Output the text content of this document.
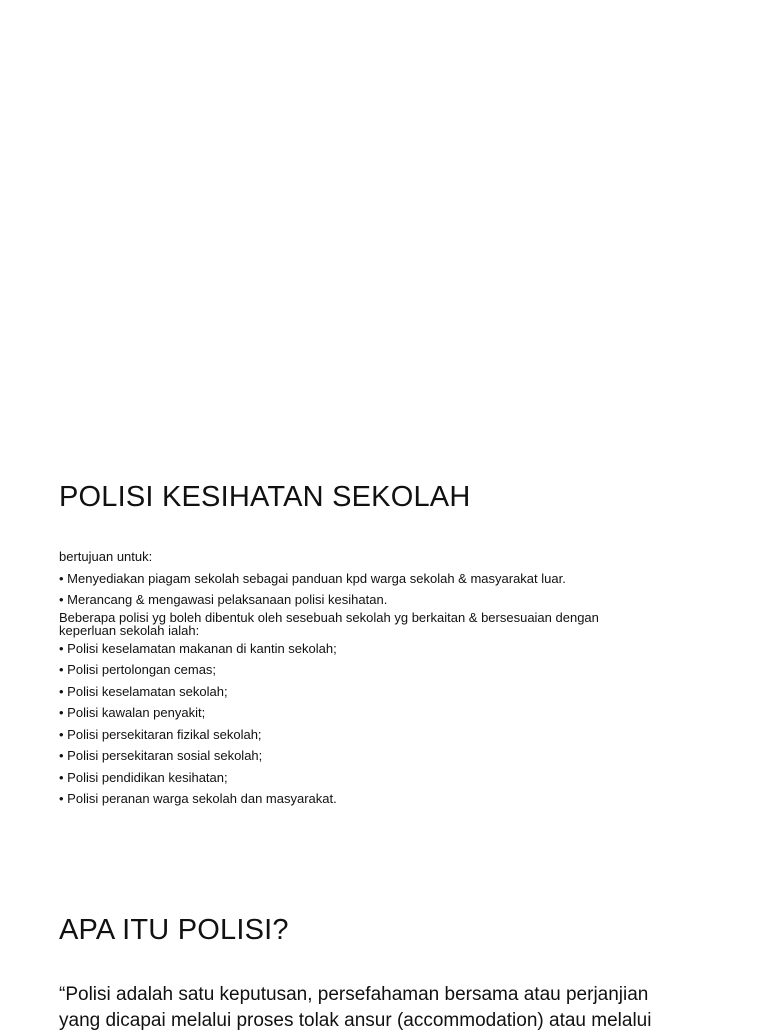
POLISI KESIHATAN SEKOLAH
bertujuan untuk:
• Menyediakan piagam sekolah sebagai panduan kpd warga sekolah & masyarakat luar.
• Merancang & mengawasi pelaksanaan polisi kesihatan.
Beberapa polisi yg boleh dibentuk oleh sesebuah sekolah yg berkaitan & bersesuaian dengan
keperluan sekolah ialah:
• Polisi keselamatan makanan di kantin sekolah;
• Polisi pertolongan cemas;
• Polisi keselamatan sekolah;
• Polisi kawalan penyakit;
• Polisi persekitaran fizikal sekolah;
• Polisi persekitaran sosial sekolah;
• Polisi pendidikan kesihatan;
• Polisi peranan warga sekolah dan masyarakat.
APA ITU POLISI?
“Polisi adalah satu keputusan, persefahaman bersama atau perjanjian
yang dicapai melalui proses tolak ansur (accommodation) atau melalui
